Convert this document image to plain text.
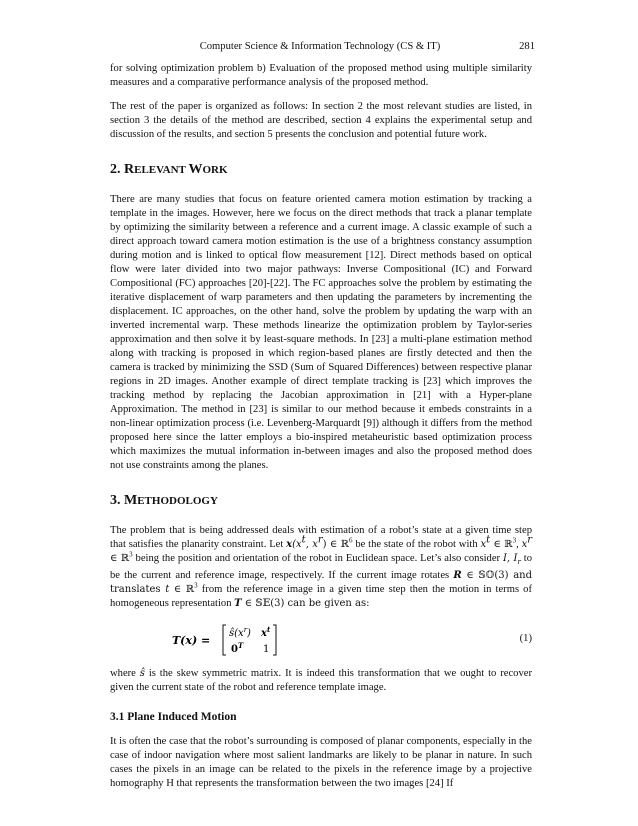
Computer Science & Information Technology (CS & IT)	281

for solving optimization problem b) Evaluation of the proposed method using multiple similarity measures and a comparative performance analysis of the proposed method.

The rest of the paper is organized as follows: In section 2 the most relevant studies are listed, in section 3 the details of the method are described, section 4 explains the experimental setup and discussion of the results, and section 5 presents the conclusion and potential future work.

2. RELEVANT WORK

There are many studies that focus on feature oriented camera motion estimation by tracking a template in the images. However, here we focus on the direct methods that track a planar template by optimizing the similarity between a reference and a current image. A classic example of such a direct approach toward camera motion estimation is the use of a brightness constancy assumption during motion and is linked to optical flow measurement [12]. Direct methods based on optical flow were later divided into two major pathways: Inverse Compositional (IC) and Forward Compositional (FC) approaches [20]-[22]. The FC approaches solve the problem by estimating the iterative displacement of warp parameters and then updating the parameters by incrementing the displacement. IC approaches, on the other hand, solve the problem by updating the warp with an inverted incremental warp. These methods linearize the optimization problem by Taylor-series approximation and then solve it by least-square methods. In [23] a multi-plane estimation method along with tracking is proposed in which region-based planes are firstly detected and then the camera is tracked by minimizing the SSD (Sum of Squared Differences) between respective planar regions in 2D images. Another example of direct template tracking is [23] which improves the tracking method by replacing the Jacobian approximation in [21] with a Hyper-plane Approximation. The method in [23] is similar to our method because it embeds constraints in a non-linear optimization process (i.e. Levenberg-Marquardt [9]) although it differs from the method proposed here since the latter employs a bio-inspired metaheuristic based optimization process which maximizes the mutual information in-between images and also the proposed method does not use constraints among the planes.

3. METHODOLOGY

The problem that is being addressed deals with estimation of a robot’s state at a given time step that satisfies the planarity constraint. Let $x(x^t$, $x^r$) ∈ ℝ$^6$ be the state of the robot with $x^t$ ∈ ℝ$^3$, $x^r$ ∈ ℝ$^3$ being the position and orientation of the robot in Euclidean space. Let’s also consider I, $I_r$ to be the current and reference image, respectively. If the current image rotates R ∈ 𝕊𝕆(3) and translates t ∈ ℝ$^3$ from the reference image in a given time step then the motion in terms of homogeneous representation T ∈ 𝕊𝔼(3) can be given as:

T(x) =
$ŝ(x^r)$ $x^t$
$0^T$ 1
(1)

where ŝ is the skew symmetric matrix. It is indeed this transformation that we ought to recover given the current state of the robot and reference template image.

3.1 Plane Induced Motion

It is often the case that the robot’s surrounding is composed of planar components, especially in the case of indoor navigation where most salient landmarks are likely to be planar in nature. In such cases the pixels in an image can be related to the pixels in the reference image by a projective homography H that represents the transformation between the two images [24] If
